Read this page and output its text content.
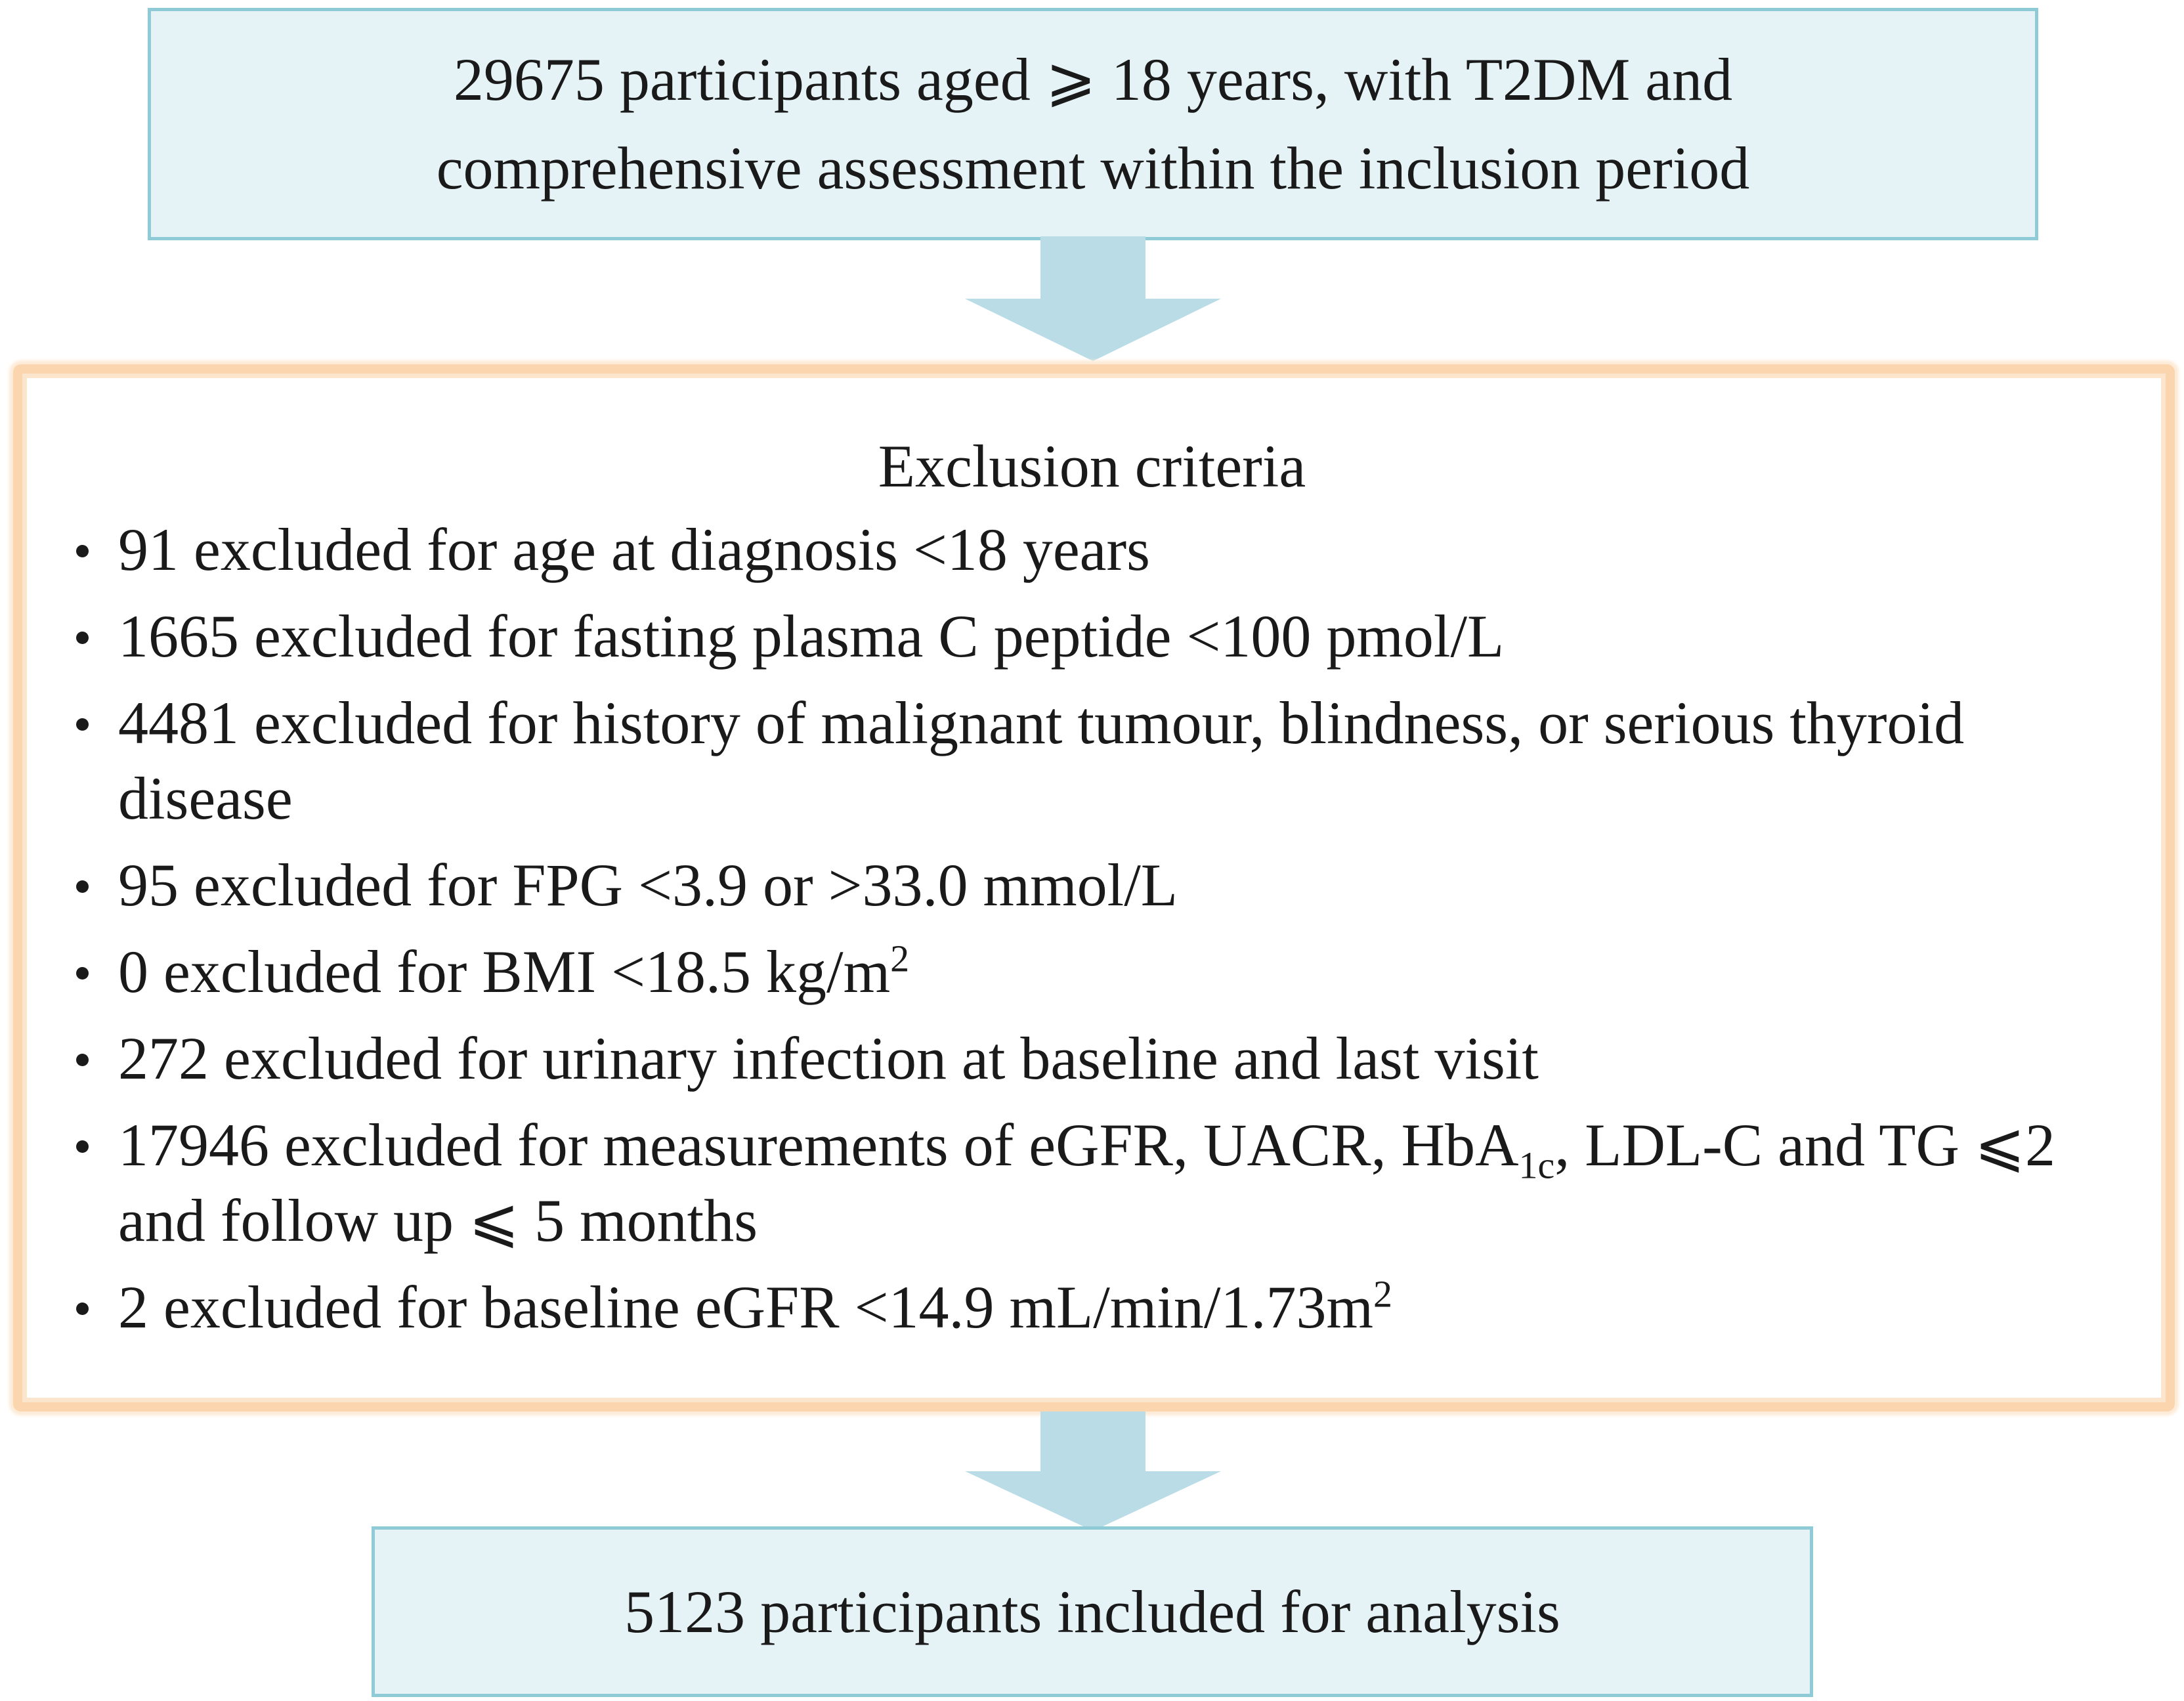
29675 participants aged ⩾ 18 years, with T2DM and
comprehensive assessment within the inclusion period
Exclusion criteria
91 excluded for age at diagnosis <18 years
1665 excluded for fasting plasma C peptide <100 pmol/L
4481 excluded for history of malignant tumour, blindness, or serious thyroid disease
95 excluded for FPG <3.9 or >33.0 mmol/L
0 excluded for BMI <18.5 $kg/m^2$
272 excluded for urinary infection at baseline and last visit
17946 excluded for measurements of eGFR, UACR, HbA$_{1c}$, LDL-C and TG ⩽2 and follow up ⩽ 5 months
2 excluded for baseline eGFR <14.9 $mL/\min/1.73m^2$
5123 participants included for analysis
